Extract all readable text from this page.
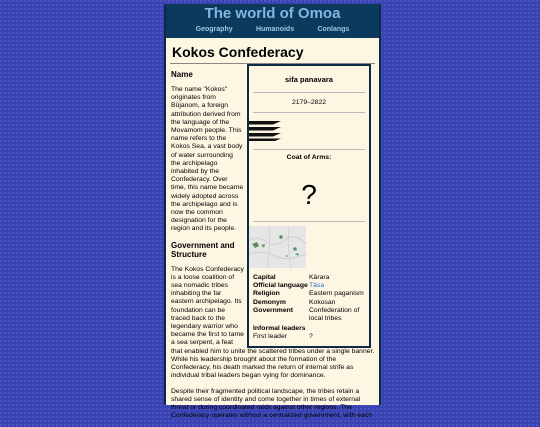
The world of Omoa
Geography	Humanoids	Conlangs
Kokos Confederacy
Name

The name "Kokos" originates from Bûjanom, a foreign attribution derived from the language of the Movamom people. This name refers to the Kokos Sea, a vast body of water surrounding the archipelago inhabited by the Confederacy. Over time, this name became widely adopted across the archipelago and is now the common designation for the region and its people.

Government and Structure

The Kokos Confederacy is a loose coalition of sea nomadic tribes inhabiting the far eastern archipelago. Its foundation can be traced back to the legendary warrior who became the first to tame a sea serpent, a feat
that enabled him to unite the scattered tribes under a single banner. While his leadership brought about the formation of the Confederacy, his death marked the return of internal strife as individual tribal leaders began vying for dominance.

Despite their fragmented political landscape, the tribes retain a shared sense of identity and come together in times of external threat or during coordinated raids against other regions. The Confederacy operates without a centralized government, with each

sifa panavara
2179–2822
Coat of Arms:
?
Capital	Kârara
Official language Tâsa
Religion	Eastern paganism
Demonym	Kokosan
Government	Confederation of local tribes
Informal leaders
First leader	?
